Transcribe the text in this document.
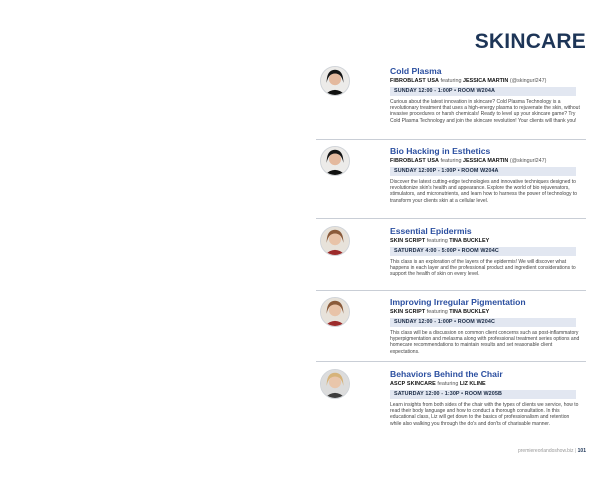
SKINCARE
Cold Plasma
FIBROBLAST USA featuring JESSICA MARTIN (@skingurl247)
SUNDAY 12:00 - 1:00P • ROOM W204A
Curious about the latest innovation in skincare? Cold Plasma Technology is a revolutionary treatment that uses a high-energy plasma to rejuvenate the skin, without invasive procedures or harsh chemicals! Ready to level up your skincare game? Try Cold Plasma Technology and join the skincare revolution! Your clients will thank you!
Bio Hacking in Esthetics
FIBROBLAST USA featuring JESSICA MARTIN (@skingurl247)
SUNDAY 12:00P - 1:00P • ROOM W204A
Discover the latest cutting-edge technologies and innovative techniques designed to revolutionize skin's health and appearance. Explore the world of bio rejuvenators, stimulators, and micronutrients, and learn how to harness the power of technology to transform your clients skin at a cellular level.
Essential Epidermis
SKIN SCRIPT featuring TINA BUCKLEY
SATURDAY 4:00 - 5:00P • ROOM W204C
This class is an exploration of the layers of the epidermis! We will discover what happens in each layer and the professional product and ingredient considerations to support the health of skin on every level.
Improving Irregular Pigmentation
SKIN SCRIPT featuring TINA BUCKLEY
SUNDAY 12:00 - 1:00P • ROOM W204C
This class will be a discussion on common client concerns such as post-inflammatory hyperpigmentation and melasma along with professional treatment series options and homecare recommendations to maintain results and set reasonable client expectations.
Behaviors Behind the Chair
ASCP SKINCARE featuring LIZ KLINE
SATURDAY 12:00 - 1:30P • ROOM W205B
Learn insights from both sides of the chair with the types of clients we service, how to read their body language and how to conduct a thorough consultation. In this educational class, Liz will get down to the basics of professionalism and retention while also walking you through the do's and don'ts of charisable manner.
premiereorlandoshow.biz | 101
